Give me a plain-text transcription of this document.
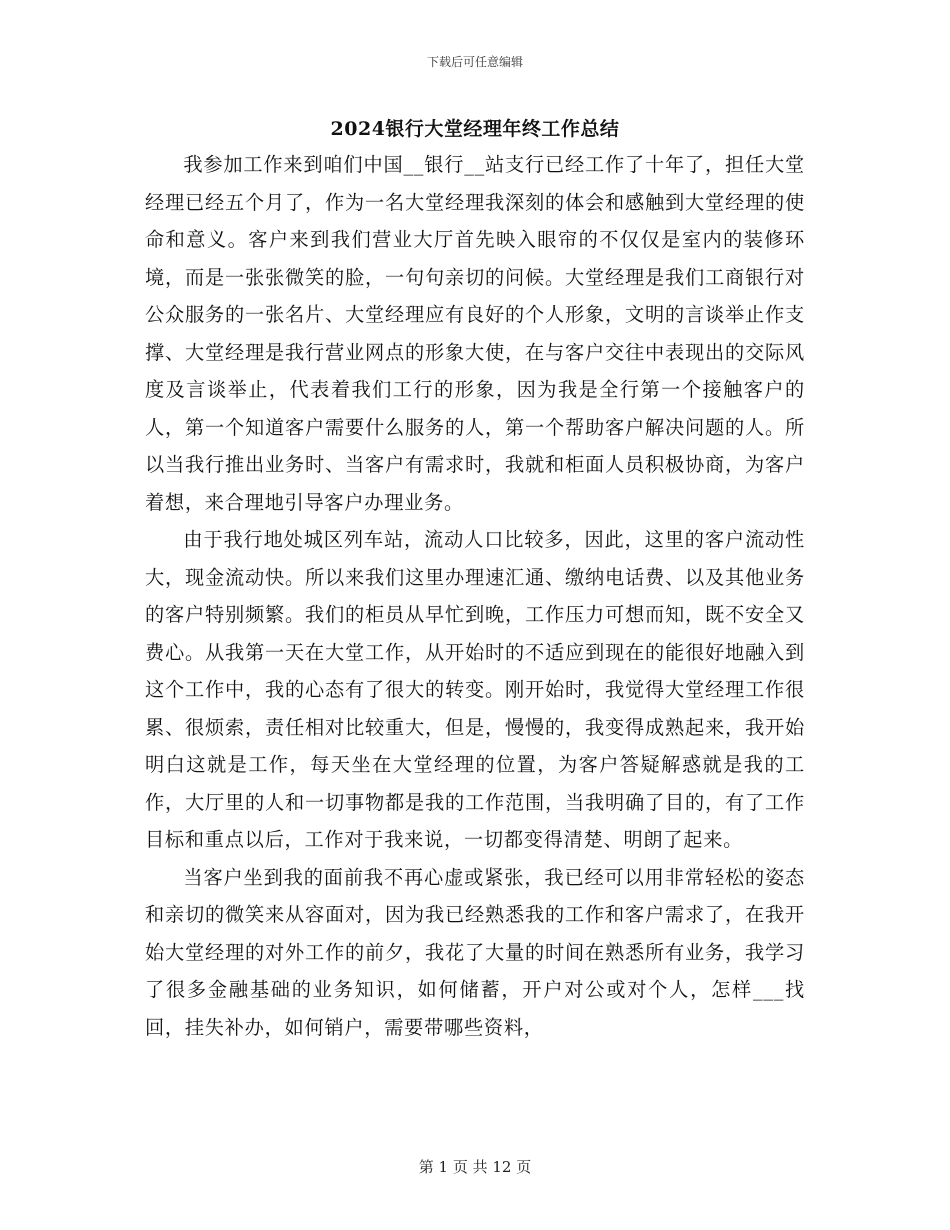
下载后可任意编辑
2024银行大堂经理年终工作总结

我参加工作来到咱们中国__银行__站支行已经工作了十年了，担任大堂经理已经五个月了，作为一名大堂经理我深刻的体会和感触到大堂经理的使命和意义。客户来到我们营业大厅首先映入眼帘的不仅仅是室内的装修环境，而是一张张微笑的脸，一句句亲切的问候。大堂经理是我们工商银行对公众服务的一张名片、大堂经理应有良好的个人形象，文明的言谈举止作支撑、大堂经理是我行营业网点的形象大使，在与客户交往中表现出的交际风度及言谈举止，代表着我们工行的形象，因为我是全行第一个接触客户的人，第一个知道客户需要什么服务的人，第一个帮助客户解决问题的人。所以当我行推出业务时、当客户有需求时，我就和柜面人员积极协商，为客户着想，来合理地引导客户办理业务。

由于我行地处城区列车站，流动人口比较多，因此，这里的客户流动性大，现金流动快。所以来我们这里办理速汇通、缴纳电话费、以及其他业务的客户特别频繁。我们的柜员从早忙到晚，工作压力可想而知，既不安全又费心。从我第一天在大堂工作，从开始时的不适应到现在的能很好地融入到这个工作中，我的心态有了很大的转变。刚开始时，我觉得大堂经理工作很累、很烦索，责任相对比较重大，但是，慢慢的，我变得成熟起来，我开始明白这就是工作，每天坐在大堂经理的位置，为客户答疑解惑就是我的工作，大厅里的人和一切事物都是我的工作范围，当我明确了目的，有了工作目标和重点以后，工作对于我来说，一切都变得清楚、明朗了起来。

当客户坐到我的面前我不再心虚或紧张，我已经可以用非常轻松的姿态和亲切的微笑来从容面对，因为我已经熟悉我的工作和客户需求了，在我开始大堂经理的对外工作的前夕，我花了大量的时间在熟悉所有业务，我学习了很多金融基础的业务知识，如何储蓄，开户对公或对个人，怎样___找回，挂失补办，如何销户，需要带哪些资料，

第 1 页 共 12 页
